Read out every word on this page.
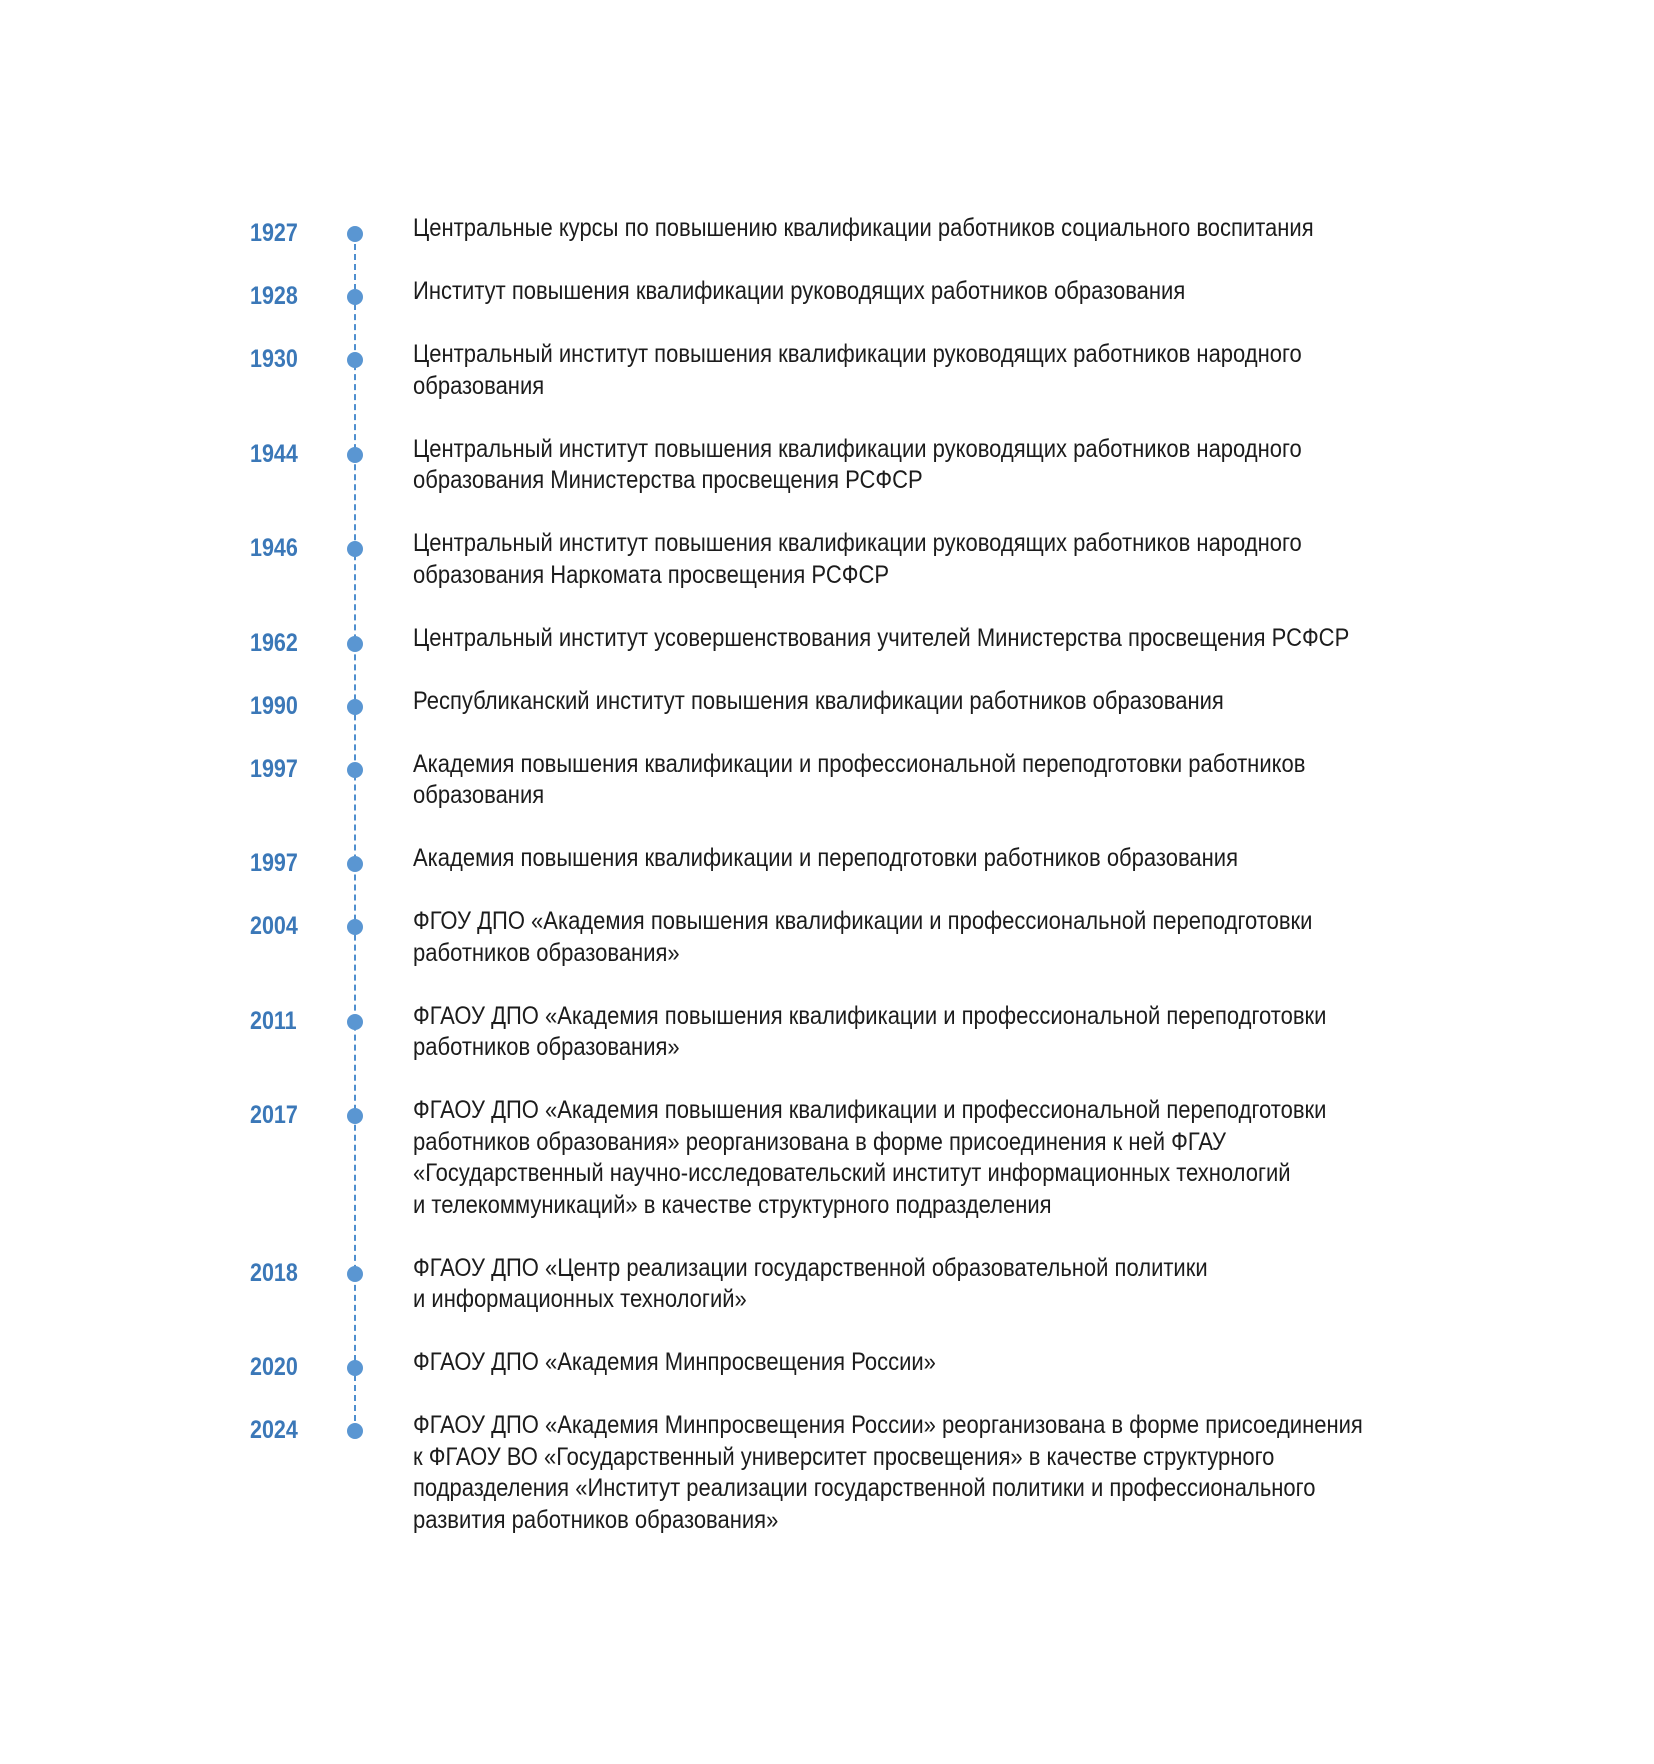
1927	Центральные курсы по повышению квалификации работников социального воспитания
1928	Институт повышения квалификации руководящих работников образования
1930	Центральный институт повышения квалификации руководящих работников народного
образования
1944	Центральный институт повышения квалификации руководящих работников народного
образования Министерства просвещения РСФСР
1946	Центральный институт повышения квалификации руководящих работников народного
образования Наркомата просвещения РСФСР
1962	Центральный институт усовершенствования учителей Министерства просвещения РСФСР
1990	Республиканский институт повышения квалификации работников образования
1997	Академия повышения квалификации и профессиональной переподготовки работников
образования
1997	Академия повышения квалификации и переподготовки работников образования
2004	ФГОУ ДПО «Академия повышения квалификации и профессиональной переподготовки
работников образования»
2011	ФГАОУ ДПО «Академия повышения квалификации и профессиональной переподготовки
работников образования»
2017	ФГАОУ ДПО «Академия повышения квалификации и профессиональной переподготовки
работников образования» реорганизована в форме присоединения к ней ФГАУ
«Государственный научно-исследовательский институт информационных технологий
и телекоммуникаций» в качестве структурного подразделения
2018	ФГАОУ ДПО «Центр реализации государственной образовательной политики
и информационных технологий»
2020	ФГАОУ ДПО «Академия Минпросвещения России»
2024	ФГАОУ ДПО «Академия Минпросвещения России» реорганизована в форме присоединения
к ФГАОУ ВО «Государственный университет просвещения» в качестве структурного
подразделения «Институт реализации государственной политики и профессионального
развития работников образования»
